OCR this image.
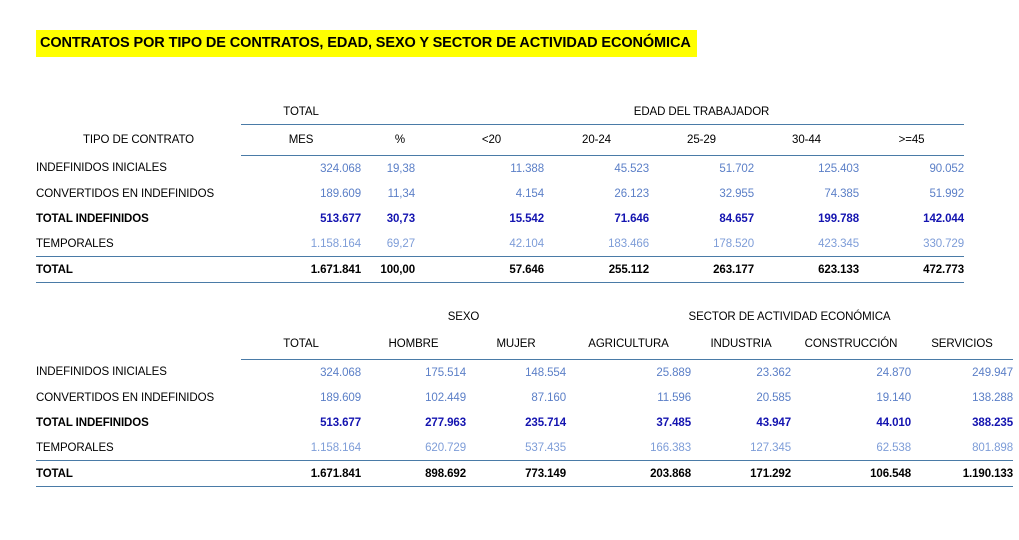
CONTRATOS POR TIPO DE CONTRATOS, EDAD, SEXO Y SECTOR DE ACTIVIDAD ECONÓMICA
	TOTAL		EDAD DEL TRABAJADOR				
TIPO DE CONTRATO	MES	%	<20	20-24	25-29	30-44	>=45
INDEFINIDOS INICIALES	324.068	19,38	11.388	45.523	51.702	125.403	90.052
CONVERTIDOS EN INDEFINIDOS	189.609	11,34	4.154	26.123	32.955	74.385	51.992
TOTAL INDEFINIDOS	513.677	30,73	15.542	71.646	84.657	199.788	142.044
TEMPORALES	1.158.164	69,27	42.104	183.466	178.520	423.345	330.729
TOTAL	1.671.841	100,00	57.646	255.112	263.177	623.133	472.773
		SEXO		SECTOR DE ACTIVIDAD ECONÓMICA			
	TOTAL	HOMBRE	MUJER	AGRICULTURA	INDUSTRIA	CONSTRUCCIÓN	SERVICIOS
INDEFINIDOS INICIALES	324.068	175.514	148.554	25.889	23.362	24.870	249.947
CONVERTIDOS EN INDEFINIDOS	189.609	102.449	87.160	11.596	20.585	19.140	138.288
TOTAL INDEFINIDOS	513.677	277.963	235.714	37.485	43.947	44.010	388.235
TEMPORALES	1.158.164	620.729	537.435	166.383	127.345	62.538	801.898
TOTAL	1.671.841	898.692	773.149	203.868	171.292	106.548	1.190.133
